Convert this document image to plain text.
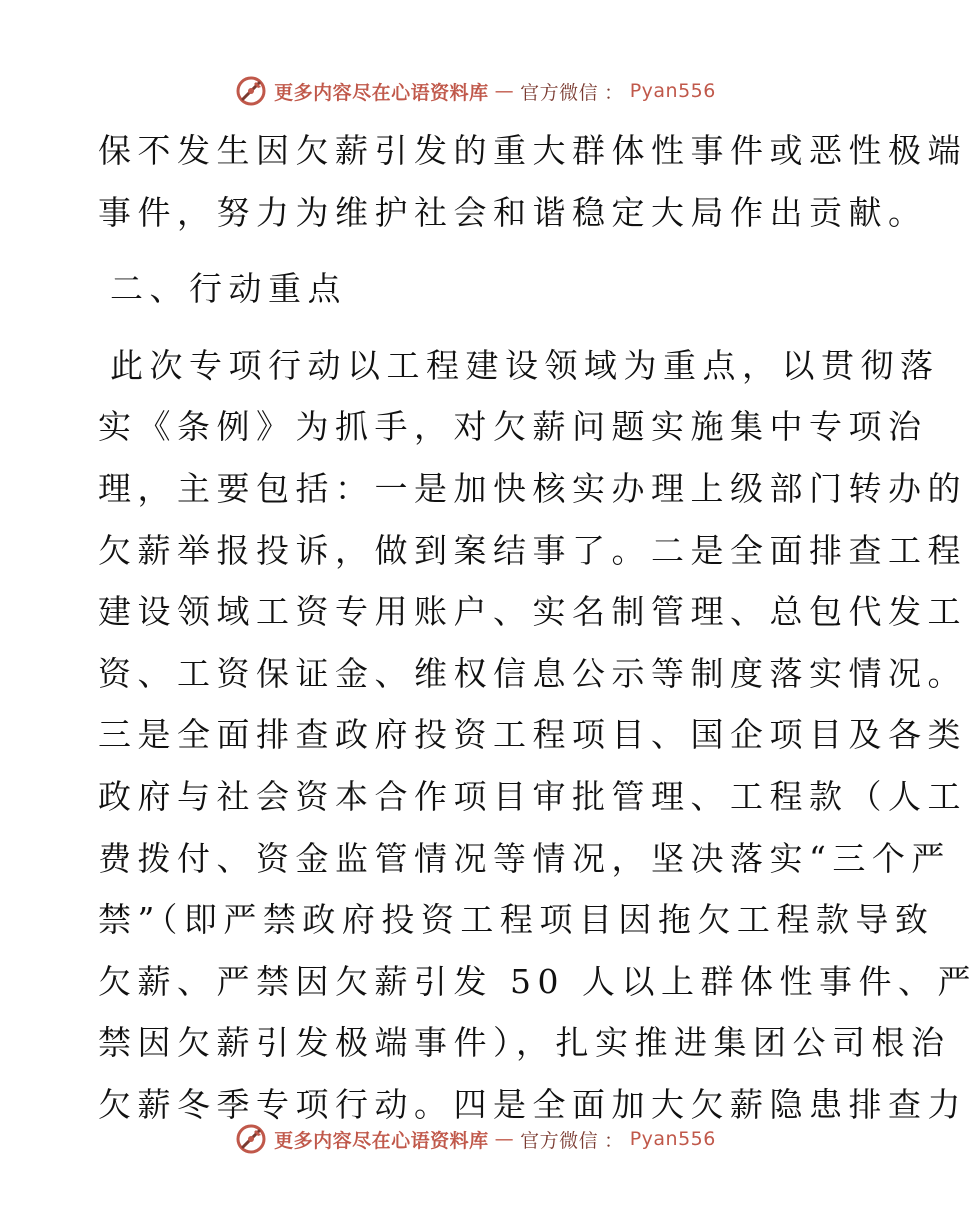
更多内容尽在心语资料库 — 官方微信 ： Pyan556
保不发生因欠薪引发的重大群体性事件或恶性极端
事件，努力为维护社会和谐稳定大局作出贡献。
二、行动重点
此次专项行动以工程建设领域为重点，以贯彻落
实《条例》为抓手，对欠薪问题实施集中专项治
理，主要包括：一是加快核实办理上级部门转办的
欠薪举报投诉，做到案结事了。二是全面排查工程
建设领域工资专用账户、实名制管理、总包代发工
资、工资保证金、维权信息公示等制度落实情况。
三是全面排查政府投资工程项目、国企项目及各类
政府与社会资本合作项目审批管理、工程款（人工
费拨付、资金监管情况等情况，坚决落实“三个严
禁”（即严禁政府投资工程项目因拖欠工程款导致
欠薪、严禁因欠薪引发 50 人以上群体性事件、严
禁因欠薪引发极端事件），扎实推进集团公司根治
欠薪冬季专项行动。四是全面加大欠薪隐患排查力
更多内容尽在心语资料库 — 官方微信 ： Pyan556
